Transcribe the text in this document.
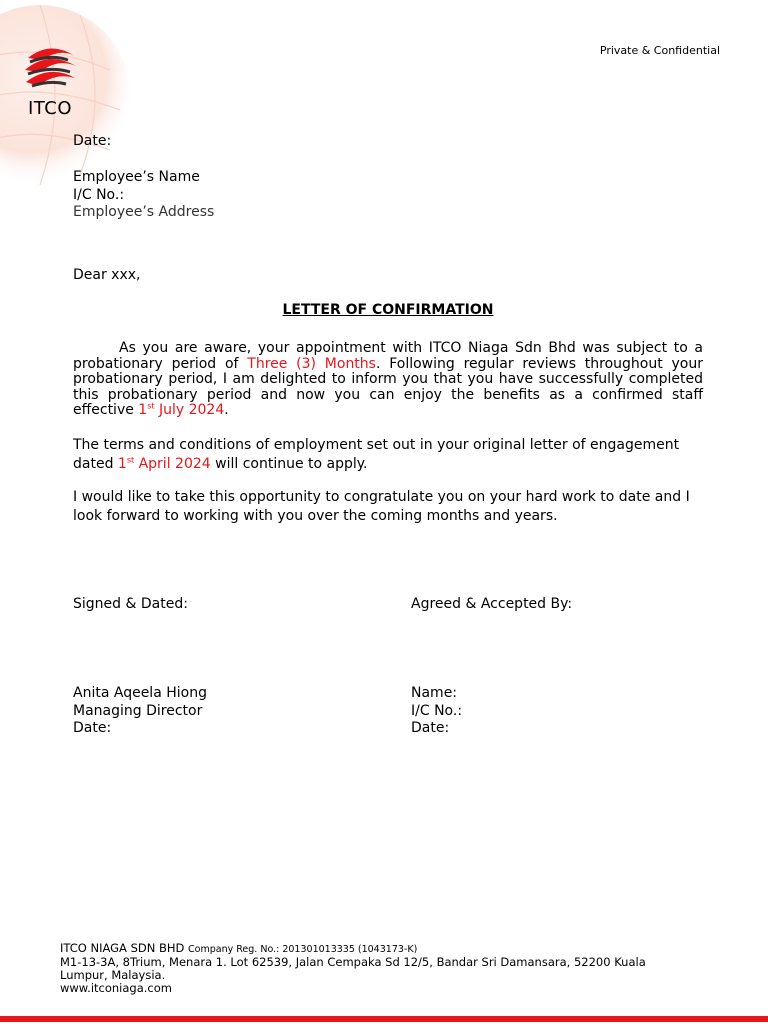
ITCO
Private & Confidential
Date:
Employee’s Name
I/C No.:
Employee’s Address
Dear xxx,
LETTER OF CONFIRMATION
As you are aware, your appointment with ITCO Niaga Sdn Bhd was subject to a probationary period of Three (3) Months. Following regular reviews throughout your probationary period, I am delighted to inform you that you have successfully completed this probationary period and now you can enjoy the benefits as a confirmed staff effective 1st July 2024.
The terms and conditions of employment set out in your original letter of engagement dated 1st April 2024 will continue to apply.
I would like to take this opportunity to congratulate you on your hard work to date and I look forward to working with you over the coming months and years.
Signed & Dated:	Agreed & Accepted By:
Anita Aqeela Hiong
Managing Director
Date:
Name:
I/C No.:
Date:
ITCO NIAGA SDN BHD Company Reg. No.: 201301013335 (1043173-K)
M1-13-3A, 8Trium, Menara 1. Lot 62539, Jalan Cempaka Sd 12/5, Bandar Sri Damansara, 52200 Kuala Lumpur, Malaysia.
www.itconiaga.com
